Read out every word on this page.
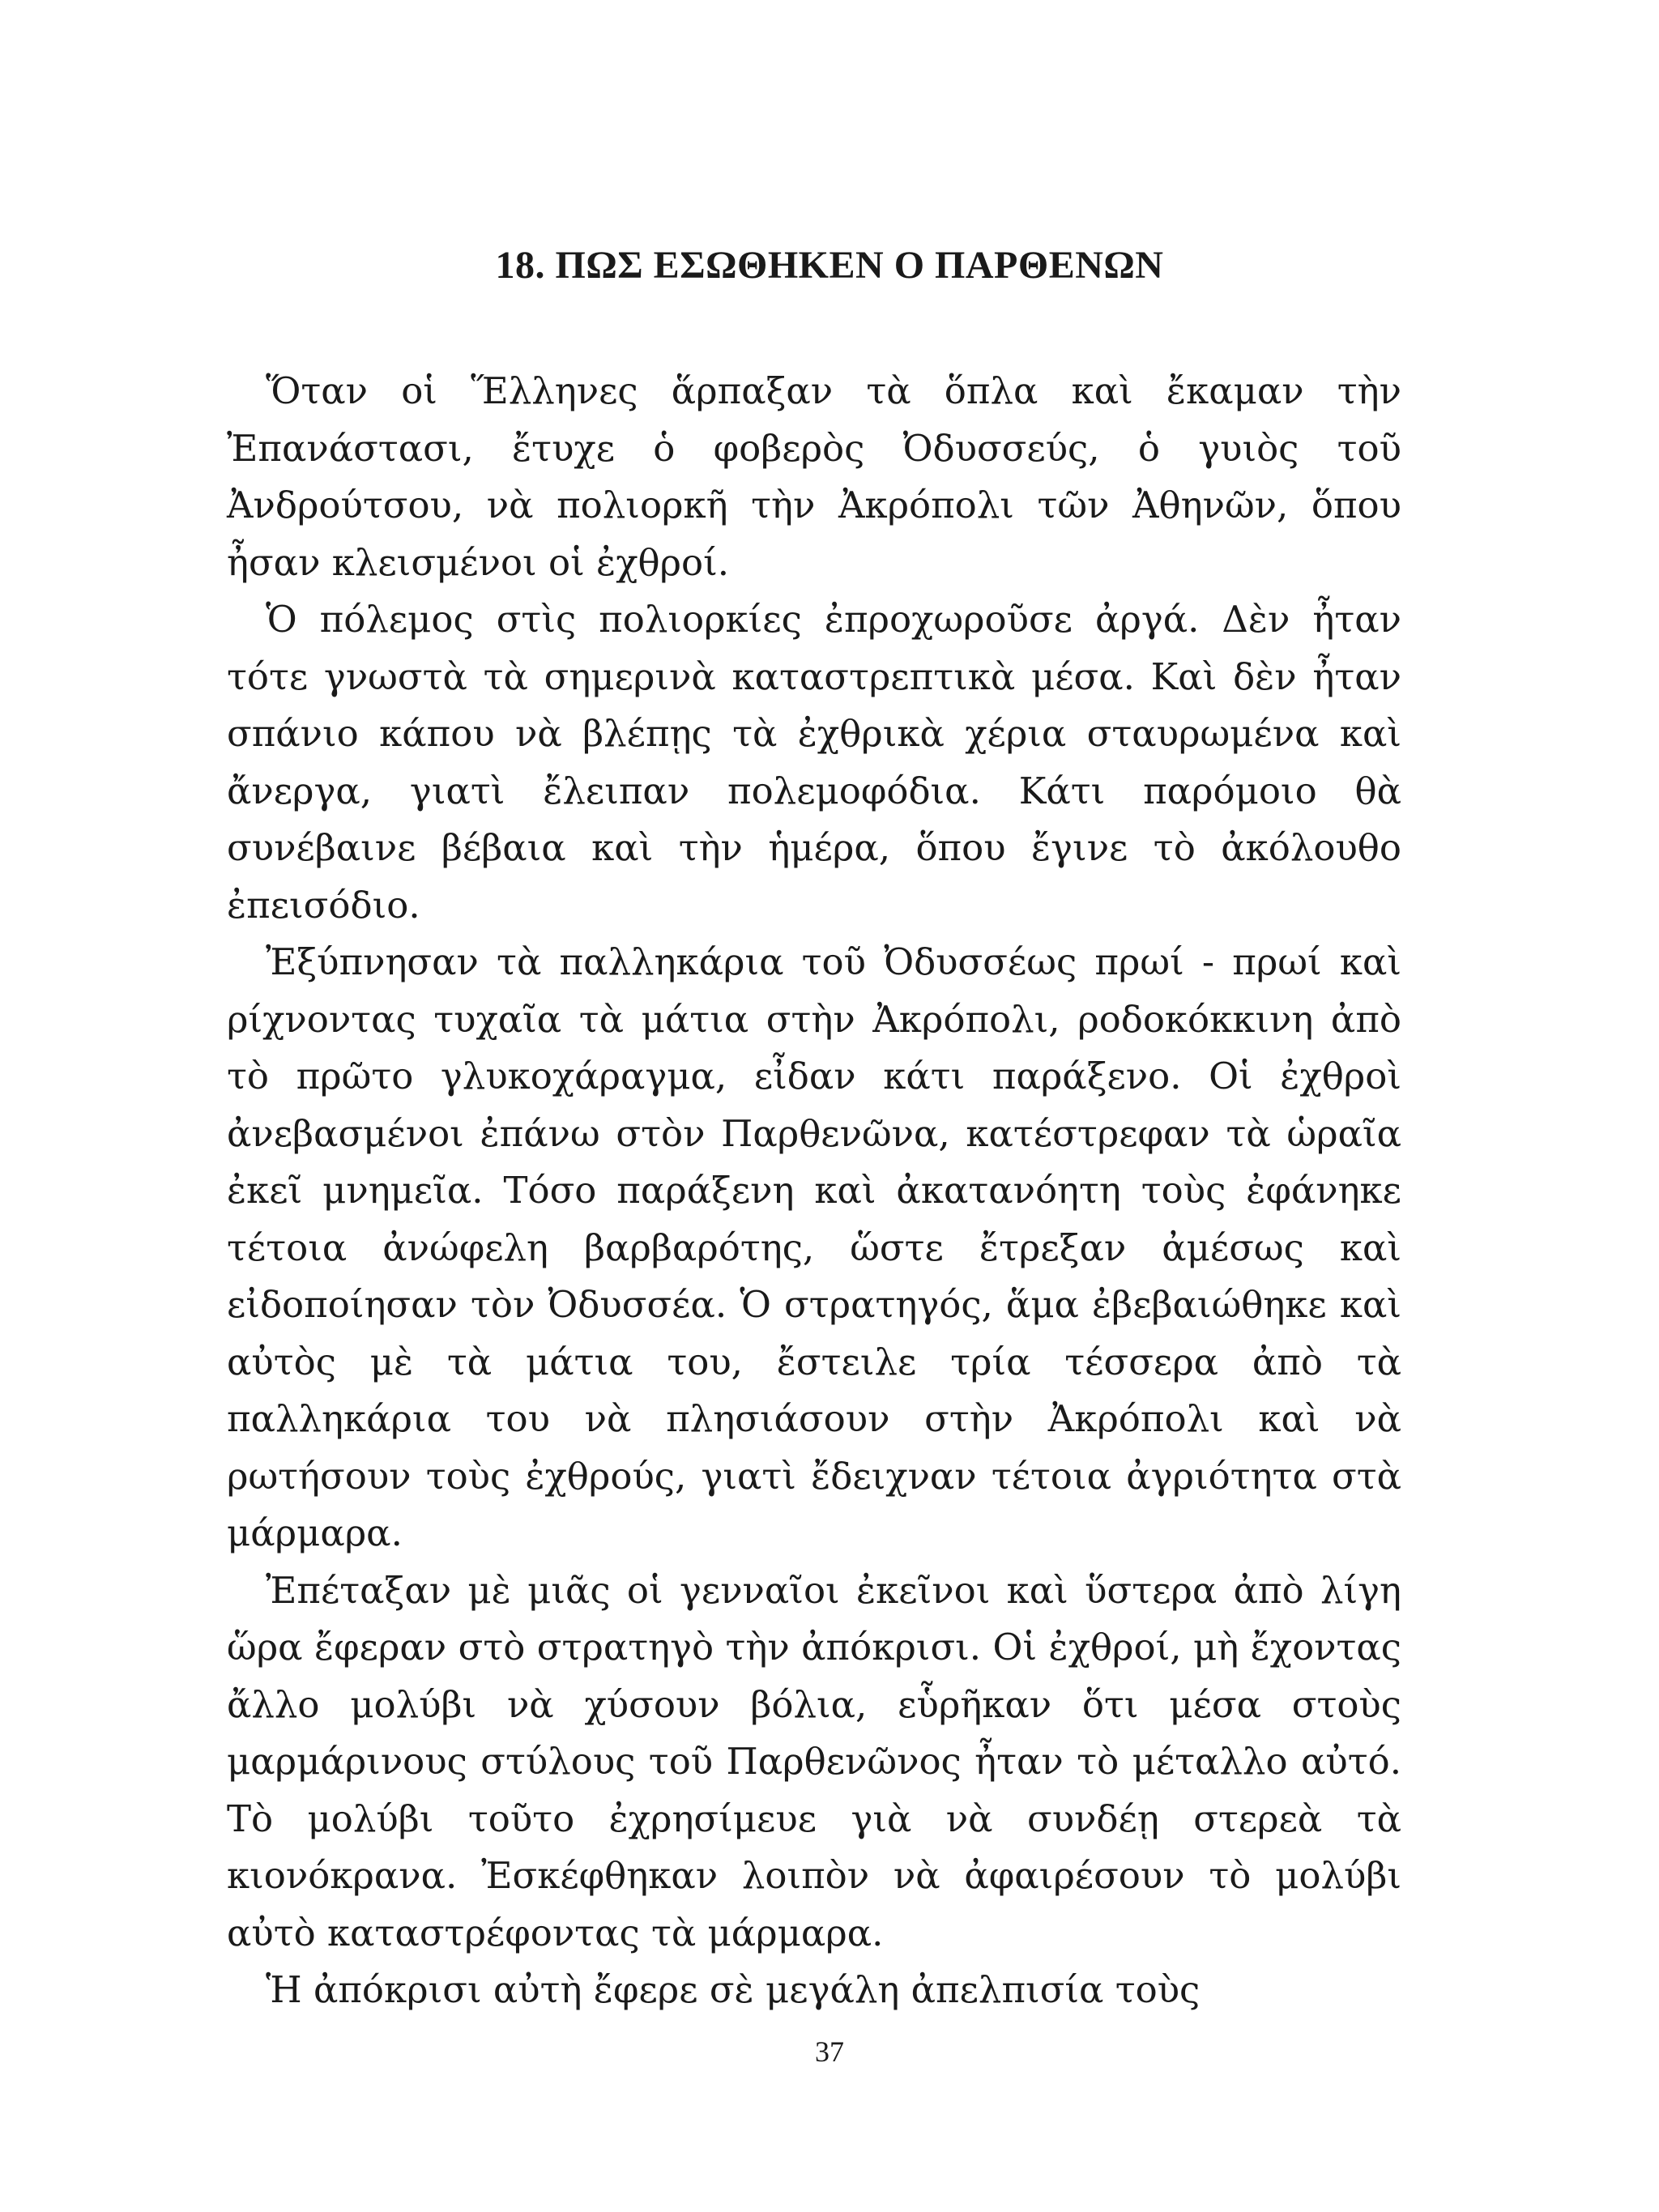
18. ΠΩΣ ΕΣΩΘΗΚΕΝ Ο ΠΑΡΘΕΝΩΝ

Ὅταν οἱ Ἕλληνες ἅρπαξαν τὰ ὅπλα καὶ ἔκαμαν τὴν Ἐπανάστασι, ἔτυχε ὁ φοβερὸς Ὀδυσσεύς, ὁ γυιὸς τοῦ Ἀνδρούτσου, νὰ πολιορκῆ τὴν Ἀκρόπολι τῶν Ἀθηνῶν, ὅπου ἦσαν κλεισμένοι οἱ ἐχθροί.

Ὁ πόλεμος στὶς πολιορκίες ἐπροχωροῦσε ἀργά. Δὲν ἦταν τότε γνωστὰ τὰ σημερινὰ καταστρεπτικὰ μέσα. Καὶ δὲν ἦταν σπάνιο κάπου νὰ βλέπῃς τὰ ἐχθρικὰ χέρια σταυρωμένα καὶ ἄνεργα, γιατὶ ἔλειπαν πολεμοφόδια. Κάτι παρόμοιο θὰ συνέβαινε βέβαια καὶ τὴν ἡμέρα, ὅπου ἔγινε τὸ ἀκόλουθο ἐπεισόδιο.

Ἐξύπνησαν τὰ παλληκάρια τοῦ Ὀδυσσέως πρωί - πρωί καὶ ρίχνοντας τυχαῖα τὰ μάτια στὴν Ἀκρόπολι, ροδοκόκκινη ἀπὸ τὸ πρῶτο γλυκοχάραγμα, εἶδαν κάτι παράξενο. Οἱ ἐχθροὶ ἀνεβασμένοι ἐπάνω στὸν Παρθενῶνα, κατέστρεφαν τὰ ὡραῖα ἐκεῖ μνημεῖα. Τόσο παράξενη καὶ ἀκατανόητη τοὺς ἐφάνηκε τέτοια ἀνώφελη βαρβαρότης, ὥστε ἔτρεξαν ἀμέσως καὶ εἰδοποίησαν τὸν Ὀδυσσέα. Ὁ στρατηγός, ἅμα ἐβεβαιώθηκε καὶ αὐτὸς μὲ τὰ μάτια του, ἔστειλε τρία τέσσερα ἀπὸ τὰ παλληκάρια του νὰ πλησιάσουν στὴν Ἀκρόπολι καὶ νὰ ρωτήσουν τοὺς ἐχθρούς, γιατὶ ἔδειχναν τέτοια ἀγριότητα στὰ μάρμαρα.

Ἐπέταξαν μὲ μιᾶς οἱ γενναῖοι ἐκεῖνοι καὶ ὕστερα ἀπὸ λίγη ὥρα ἔφεραν στὸ στρατηγὸ τὴν ἀπόκρισι. Οἱ ἐχθροί, μὴ ἔχοντας ἄλλο μολύβι νὰ χύσουν βόλια, εὗρῆκαν ὅτι μέσα στοὺς μαρμάρινους στύλους τοῦ Παρθενῶνος ἦταν τὸ μέταλλο αὐτό. Τὸ μολύβι τοῦτο ἐχρησίμευε γιὰ νὰ συνδέῃ στερεὰ τὰ κιονόκρανα. Ἐσκέφθηκαν λοιπὸν νὰ ἀφαιρέσουν τὸ μολύβι αὐτὸ καταστρέφοντας τὰ μάρμαρα.

Ἡ ἀπόκρισι αὐτὴ ἔφερε σὲ μεγάλη ἀπελπισία τοὺς

37
